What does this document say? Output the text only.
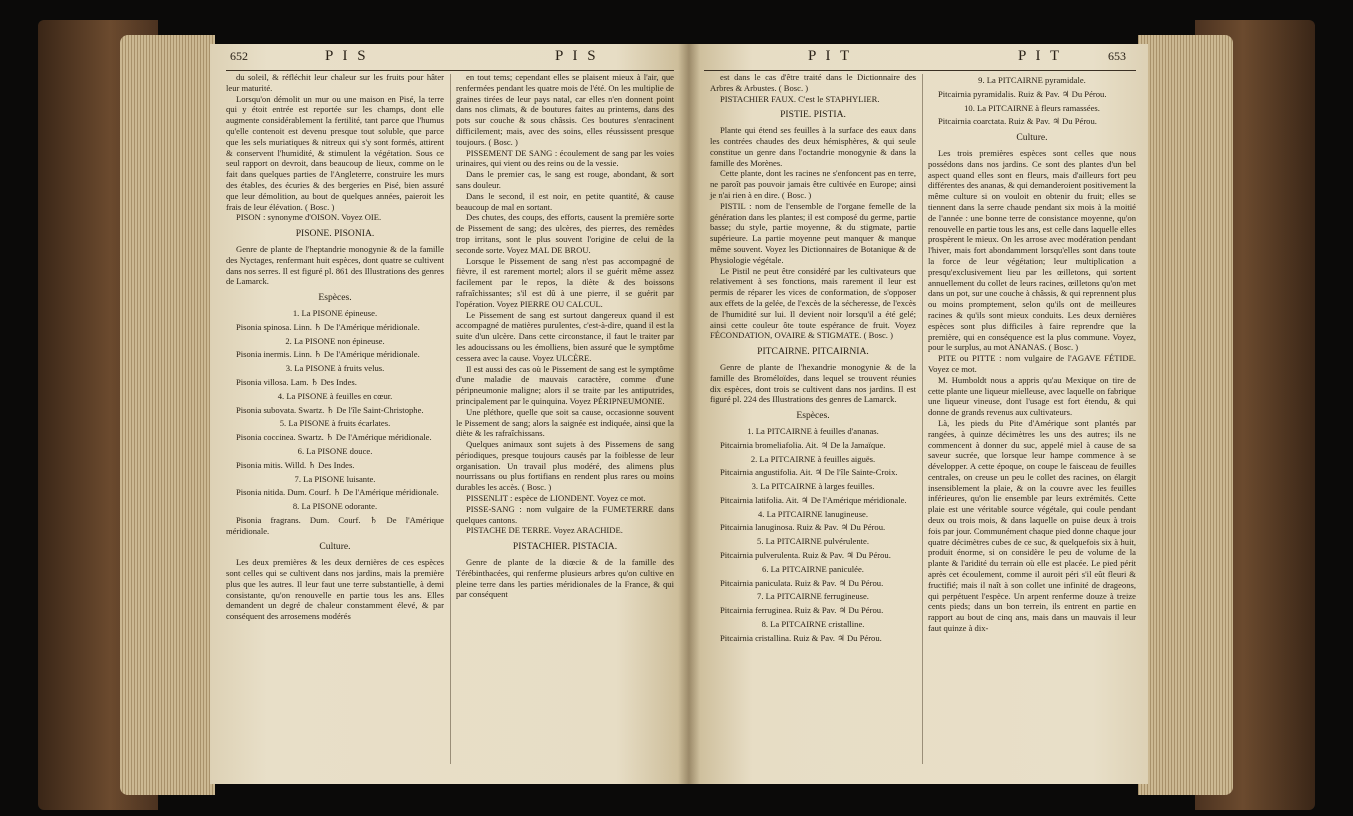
652	P I S	P I S

du soleil, & réfléchit leur chaleur sur les fruits pour hâter leur maturité.

Lorsqu'on démolit un mur ou une maison en Pisé, la terre qui y étoit entrée est reportée sur les champs, dont elle augmente considérablement la fertilité, tant parce que l'humus qu'elle contenoit est devenu presque tout soluble, que parce que les sels muriatiques & nitreux qui s'y sont formés, attirent & conservent l'humidité, & stimulent la végétation. Sous ce seul rapport on devroit, dans beaucoup de lieux, comme on le fait dans quelques parties de l'Angleterre, construire les murs des étables, des écuries & des bergeries en Pisé, bien assuré que leur démolition, au bout de quelques années, paieroit les frais de leur élévation. ( Bosc. )

PISON : synonyme d'OISON. Voyez OIE.

PISONE. PISONIA.

Genre de plante de l'heptandrie monogynie & de la famille des Nyctages, renfermant huit espèces, dont quatre se cultivent dans nos serres. Il est figuré pl. 861 des Illustrations des genres de Lamarck.

Espèces.

1. La PISONE épineuse.

Pisonia spinosa. Linn. ♄ De l'Amérique méridionale.

2. La PISONE non épineuse.

Pisonia inermis. Linn. ♄ De l'Amérique méridionale.

3. La PISONE à fruits velus.

Pisonia villosa. Lam. ♄ Des Indes.

4. La PISONE à feuilles en cœur.

Pisonia subovata. Swartz. ♄ De l'île Saint-Christophe.

5. La PISONE à fruits écarlates.

Pisonia coccinea. Swartz. ♄ De l'Amérique méridionale.

6. La PISONE douce.

Pisonia mitis. Willd. ♄ Des Indes.

7. La PISONE luisante.

Pisonia nitida. Dum. Courf. ♄ De l'Amérique méridionale.

8. La PISONE odorante.

Pisonia fragrans. Dum. Courf. ♄ De l'Amérique méridionale.

Culture.

Les deux premières & les deux dernières de ces espèces sont celles qui se cultivent dans nos jardins, mais la première plus que les autres. Il leur faut une terre substantielle, à demi consistante, qu'on renouvelle en partie tous les ans. Elles demandent un degré de chaleur constamment élevé, & par conséquent des arrosemens modérés

en tout tems; cependant elles se plaisent mieux à l'air, que renfermées pendant les quatre mois de l'été. On les multiplie de graines tirées de leur pays natal, car elles n'en donnent point dans nos climats, & de boutures faites au printems, dans des pots sur couche & sous châssis. Ces boutures s'enracinent difficilement; mais, avec des soins, elles réussissent presque toujours. ( Bosc. )

PISSEMENT DE SANG : écoulement de sang par les voies urinaires, qui vient ou des reins ou de la vessie.

Dans le premier cas, le sang est rouge, abondant, & sort sans douleur.

Dans le second, il est noir, en petite quantité, & cause beaucoup de mal en sortant.

Des chutes, des coups, des efforts, causent la première sorte de Pissement de sang; des ulcères, des pierres, des remèdes trop irritans, sont le plus souvent l'origine de celui de la seconde sorte. Voyez MAL DE BROU.

Lorsque le Pissement de sang n'est pas accompagné de fièvre, il est rarement mortel; alors il se guérit même assez facilement par le repos, la diète & des boissons rafraîchissantes; s'il est dû à une pierre, il se guérit par l'opération. Voyez PIERRE OU CALCUL.

Le Pissement de sang est surtout dangereux quand il est accompagné de matières purulentes, c'est-à-dire, quand il est la suite d'un ulcère. Dans cette circonstance, il faut le traiter par les adoucissans ou les émolliens, bien assuré que le symptôme cessera avec la cause. Voyez ULCÈRE.

Il est aussi des cas où le Pissement de sang est le symptôme d'une maladie de mauvais caractère, comme d'une péripneumonie maligne; alors il se traite par les antiputrides, principalement par le quinquina. Voyez PÉRIPNEUMONIE.

Une pléthore, quelle que soit sa cause, occasionne souvent le Pissement de sang; alors la saignée est indiquée, ainsi que la diète & les rafraîchissans.

Quelques animaux sont sujets à des Pissemens de sang périodiques, presque toujours causés par la foiblesse de leur organisation. Un travail plus modéré, des alimens plus nourrissans ou plus fortifians en rendent plus rares ou moins durables les accès. ( Bosc. )

PISSENLIT : espèce de LIONDENT. Voyez ce mot.

PISSE-SANG : nom vulgaire de la FUMETERRE dans quelques cantons.

PISTACHE DE TERRE. Voyez ARACHIDE.

PISTACHIER. PISTACIA.

Genre de plante de la diœcie & de la famille des Térébinthacées, qui renferme plusieurs arbres qu'on cultive en pleine terre dans les parties méridionales de la France, & qui par conséquent

P I T	P I T	653

est dans le cas d'être traité dans le Dictionnaire des Arbres & Arbustes. ( Bosc. )

PISTACHIER FAUX. C'est le STAPHYLIER.

PISTIE. PISTIA.

Plante qui étend ses feuilles à la surface des eaux dans les contrées chaudes des deux hémisphères, & qui seule constitue un genre dans l'octandrie monogynie & dans la famille des Morènes.

Cette plante, dont les racines ne s'enfoncent pas en terre, ne paroît pas pouvoir jamais être cultivée en Europe; ainsi je n'ai rien à en dire. ( Bosc. )

PISTIL : nom de l'ensemble de l'organe femelle de la génération dans les plantes; il est composé du germe, partie basse; du style, partie moyenne, & du stigmate, partie supérieure. La partie moyenne peut manquer & manque même souvent. Voyez les Dictionnaires de Botanique & de Physiologie végétale.

Le Pistil ne peut être considéré par les cultivateurs que relativement à ses fonctions, mais rarement il leur est permis de réparer les vices de conformation, de s'opposer aux effets de la gelée, de l'excès de la sécheresse, de l'excès de l'humidité sur lui. Il devient noir lorsqu'il a été gelé; ainsi cette couleur ôte toute espérance de fruit. Voyez FÉCONDATION, OVAIRE & STIGMATE. ( Bosc. )

PITCAIRNE. PITCAIRNIA.

Genre de plante de l'hexandrie monogynie & de la famille des Broméloïdes, dans lequel se trouvent réunies dix espèces, dont trois se cultivent dans nos jardins. Il est figuré pl. 224 des Illustrations des genres de Lamarck.

Espèces.

1. La PITCAIRNE à feuilles d'ananas.

Pitcairnia bromeliafolia. Ait. ♃ De la Jamaïque.

2. La PITCAIRNE à feuilles aiguës.

Pitcairnia angustifolia. Ait. ♃ De l'île Sainte-Croix.

3. La PITCAIRNE à larges feuilles.

Pitcairnia latifolia. Ait. ♃ De l'Amérique méridionale.

4. La PITCAIRNE lanugineuse.

Pitcairnia lanuginosa. Ruiz & Pav. ♃ Du Pérou.

5. La PITCAIRNE pulvérulente.

Pitcairnia pulverulenta. Ruiz & Pav. ♃ Du Pérou.

6. La PITCAIRNE paniculée.

Pitcairnia paniculata. Ruiz & Pav. ♃ Du Pérou.

7. La PITCAIRNE ferrugineuse.

Pitcairnia ferruginea. Ruiz & Pav. ♃ Du Pérou.

8. La PITCAIRNE cristalline.

Pitcairnia cristallina. Ruiz & Pav. ♃ Du Pérou.

9. La PITCAIRNE pyramidale.

Pitcairnia pyramidalis. Ruiz & Pav. ♃ Du Pérou.

10. La PITCAIRNE à fleurs ramassées.

Pitcairnia coarctata. Ruiz & Pav. ♃ Du Pérou.

Culture.

Les trois premières espèces sont celles que nous possédons dans nos jardins. Ce sont des plantes d'un bel aspect quand elles sont en fleurs, mais d'ailleurs fort peu différentes des ananas, & qui demanderoient positivement la même culture si on vouloit en obtenir du fruit; elles se tiennent dans la serre chaude pendant six mois à la moitié de l'année : une bonne terre de consistance moyenne, qu'on renouvelle en partie tous les ans, est celle dans laquelle elles prospèrent le mieux. On les arrose avec modération pendant l'hiver, mais fort abondamment lorsqu'elles sont dans toute la force de leur végétation; leur multiplication a presqu'exclusivement lieu par les œilletons, qui sortent annuellement du collet de leurs racines, œilletons qu'on met dans un pot, sur une couche à châssis, & qui reprennent plus ou moins promptement, selon qu'ils ont de meilleures racines & qu'ils sont mieux conduits. Les deux dernières espèces sont plus difficiles à faire reprendre que la première, qui en conséquence est la plus commune. Voyez, pour le surplus, au mot ANANAS. ( Bosc. )

PITE ou PITTE : nom vulgaire de l'AGAVE FÉTIDE. Voyez ce mot.

M. Humboldt nous a appris qu'au Mexique on tire de cette plante une liqueur mielleuse, avec laquelle on fabrique une liqueur vineuse, dont l'usage est fort étendu, & qui donne de grands revenus aux cultivateurs.

Là, les pieds du Pite d'Amérique sont plantés par rangées, à quinze décimètres les uns des autres; ils ne commencent à donner du suc, appelé miel à cause de sa saveur sucrée, que lorsque leur hampe commence à se développer. A cette époque, on coupe le faisceau de feuilles centrales, on creuse un peu le collet des racines, on élargit insensiblement la plaie, & on la couvre avec les feuilles inférieures, qu'on lie ensemble par leurs extrémités. Cette plaie est une véritable source végétale, qui coule pendant deux ou trois mois, & dans laquelle on puise deux à trois fois par jour. Communément chaque pied donne chaque jour quatre décimètres cubes de ce suc, & quelquefois six à huit, produit énorme, si on considère le peu de volume de la plante & l'aridité du terrain où elle est placée. Le pied périt après cet écoulement, comme il auroit péri s'il eût fleuri & fructifié; mais il naît à son collet une infinité de drageons, qui perpétuent l'espèce. Un arpent renferme douze à treize cents pieds; dans un bon terrein, ils entrent en partie en rapport au bout de cinq ans, mais dans un mauvais il leur faut quinze à dix-
